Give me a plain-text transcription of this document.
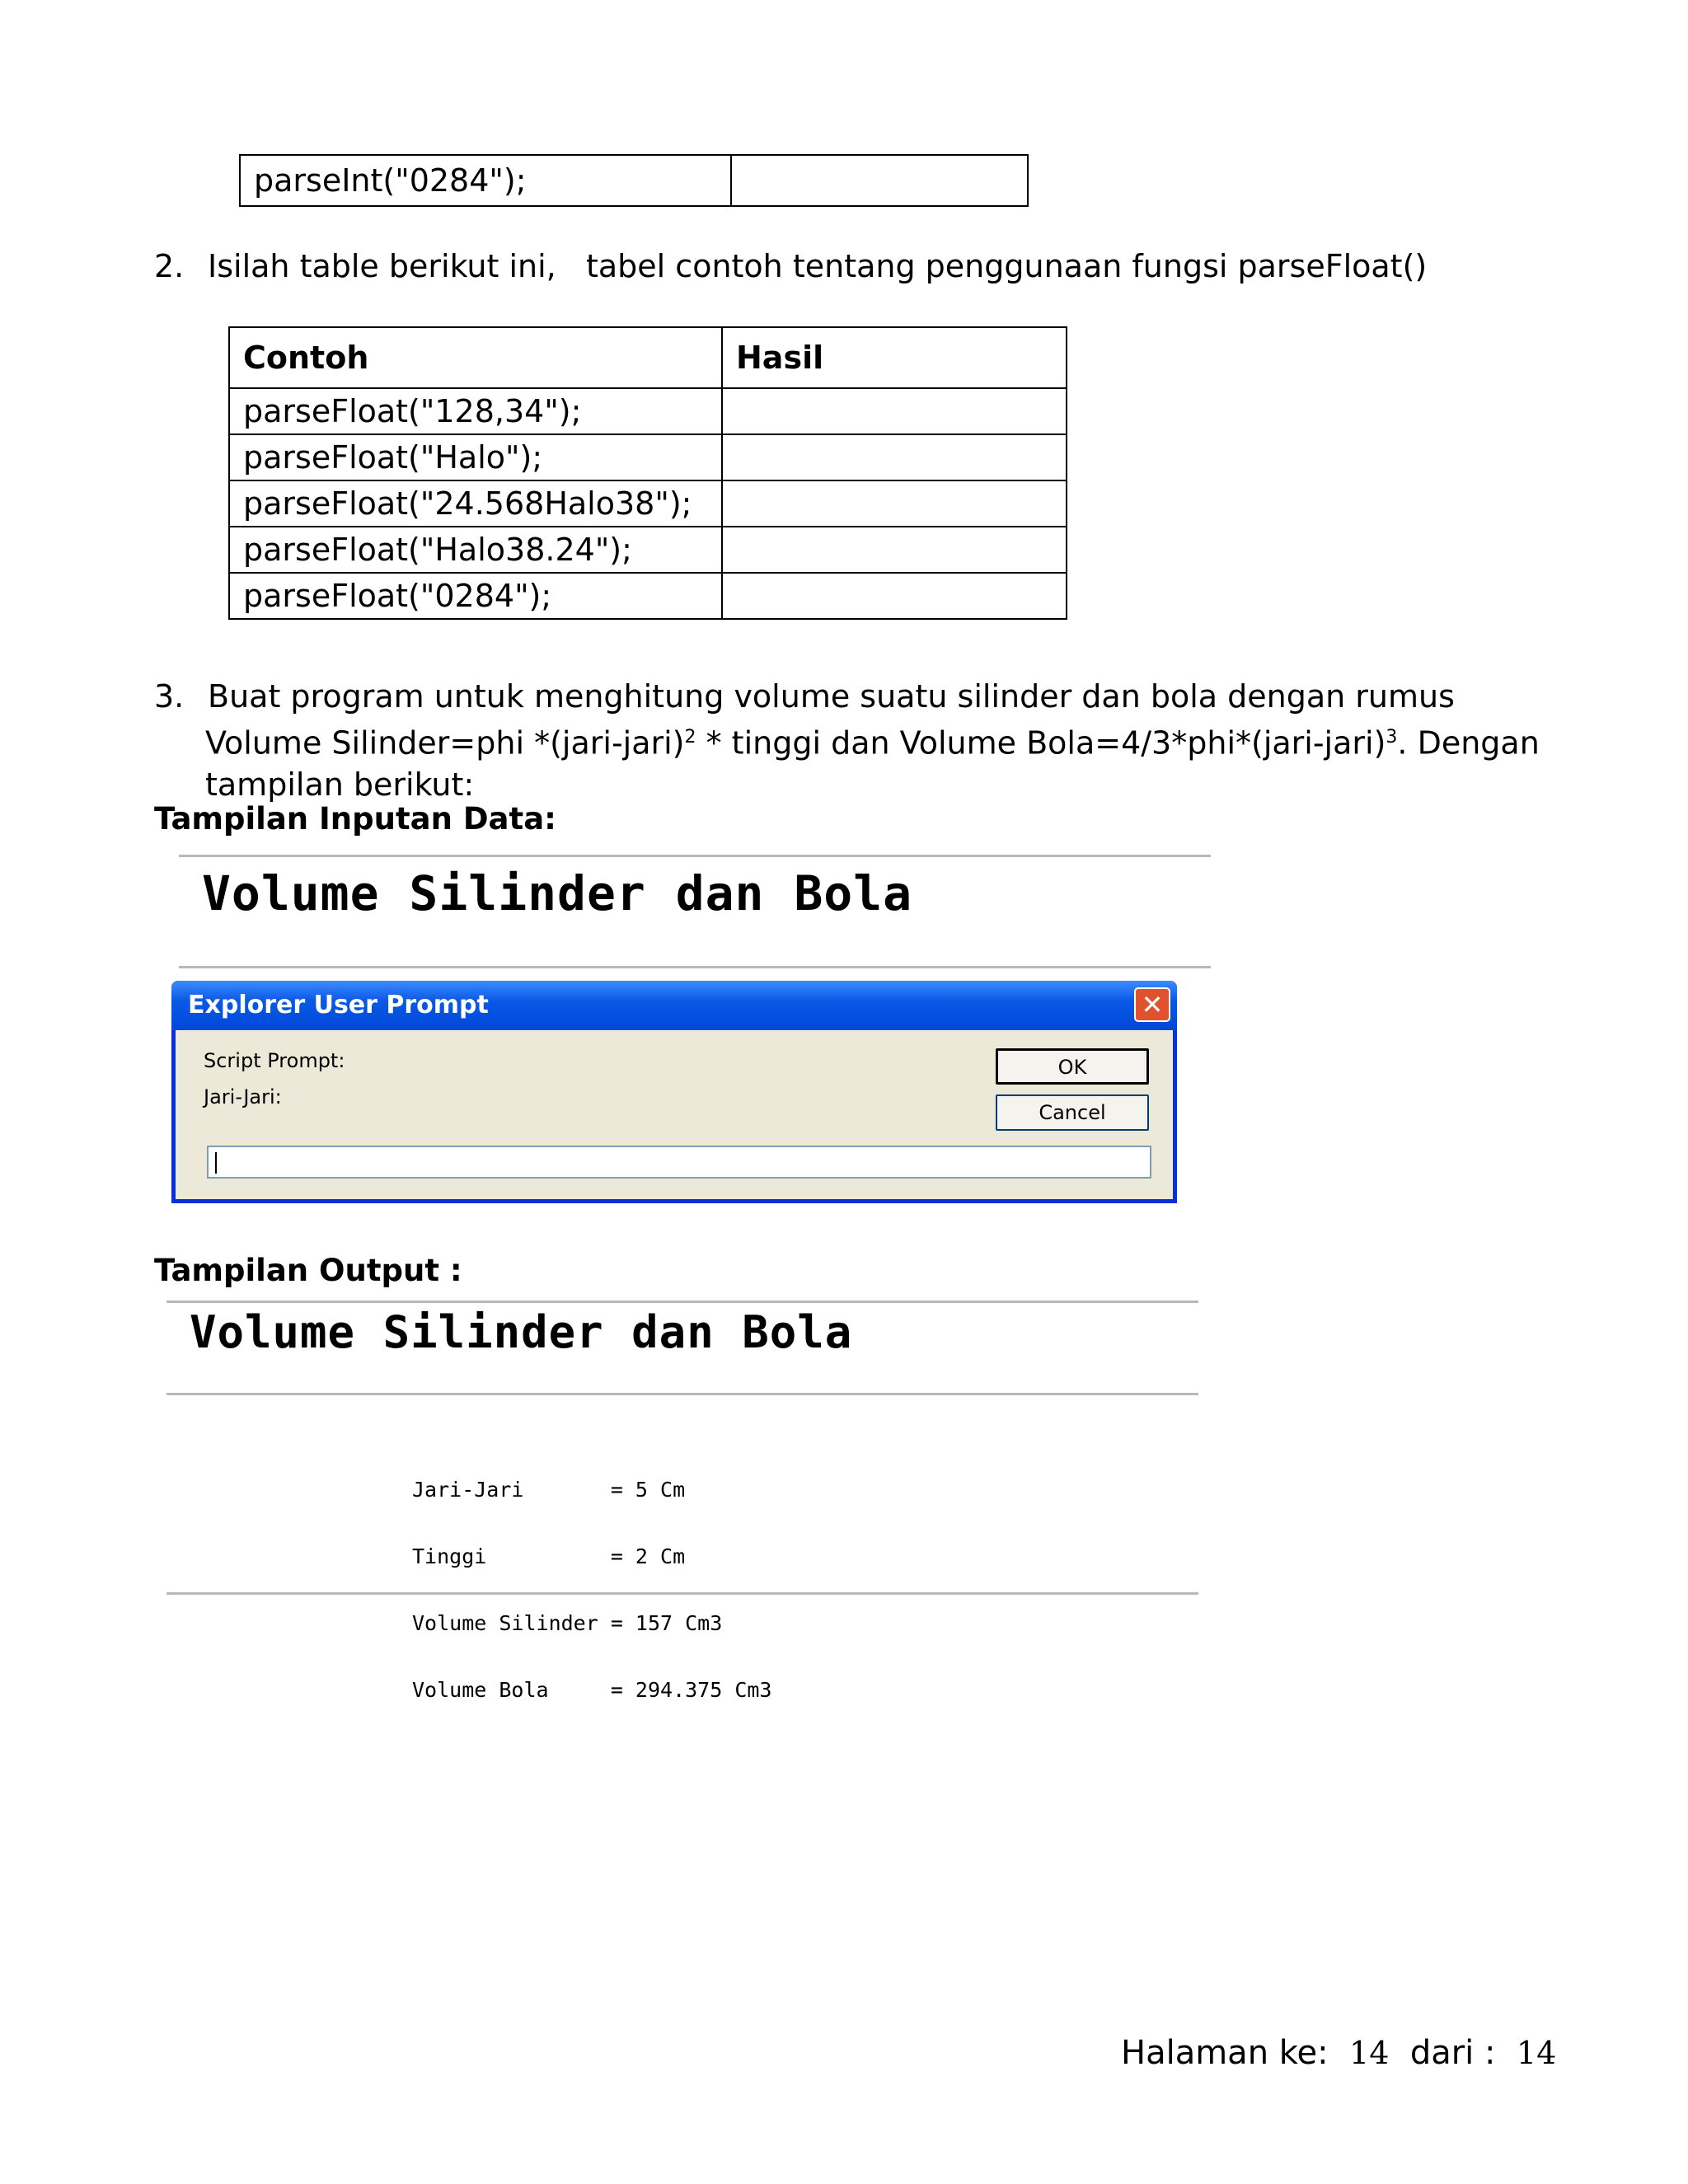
parseInt("0284");	
2. Isilah table berikut ini,   tabel contoh tentang penggunaan fungsi parseFloat()
Contoh	Hasil
parseFloat("128,34");	
parseFloat("Halo");	
parseFloat("24.568Halo38");	
parseFloat("Halo38.24");	
parseFloat("0284");	
3. Buat program untuk menghitung volume suatu silinder dan bola dengan rumus
Volume Silinder=phi *(jari-jari)$^2$ * tinggi dan Volume Bola=4/3*phi*(jari-jari)$^3$. Dengan
tampilan berikut:
Tampilan Inputan Data:
Volume Silinder dan Bola
Explorer User Prompt	✕
Script Prompt:
Jari-Jari:
OK
Cancel
Tampilan Output :
Volume Silinder dan Bola

Jari-Jari       = 5 Cm

Tinggi          = 2 Cm

Volume Silinder = 157 Cm3

Volume Bola     = 294.375 Cm3

Halaman ke: 14 dari : 14
